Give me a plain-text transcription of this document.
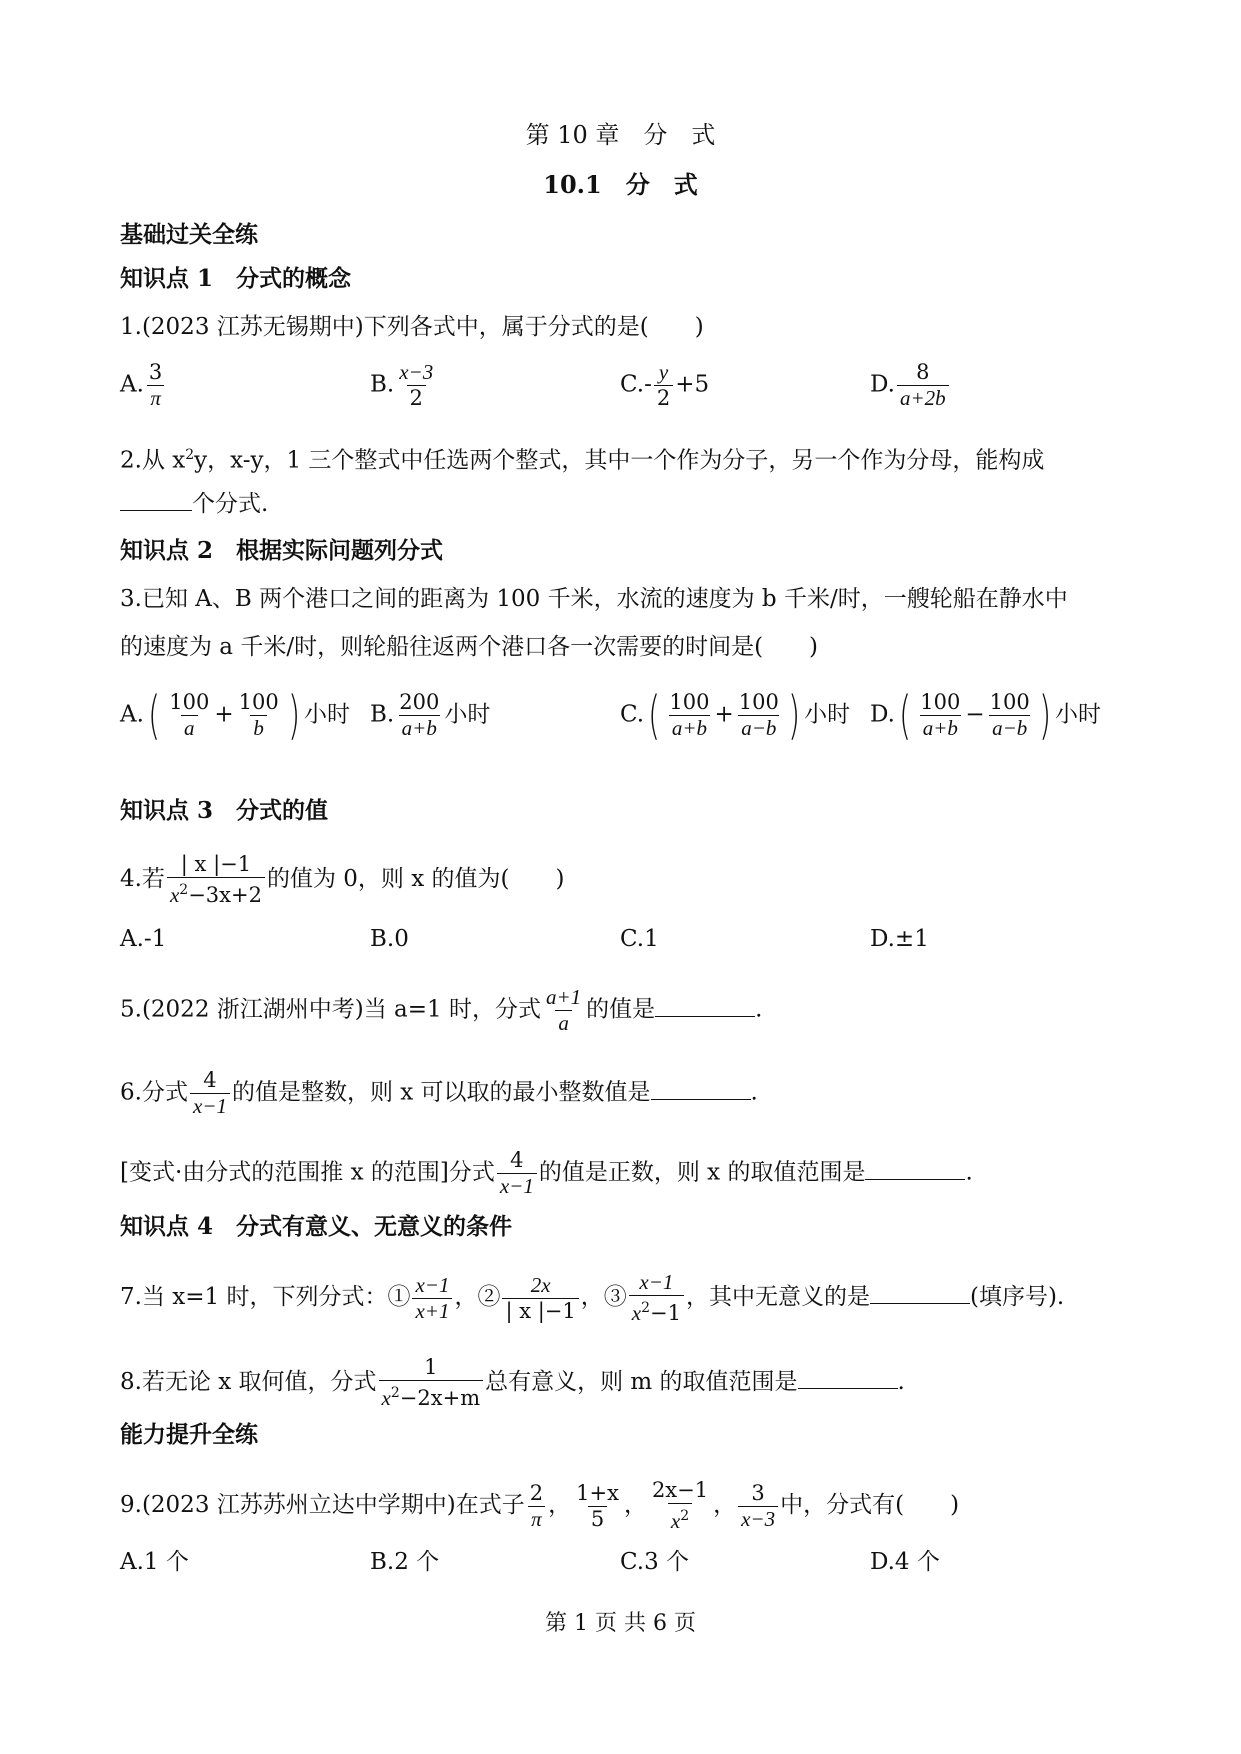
第 10 章　分　式
10.1　分　式
基础过关全练
知识点 1　分式的概念
1.(2023 江苏无锡期中)下列各式中，属于分式的是(　　)
A. $\frac{3}{\pi}$	B. $\frac{x-3}{2}$	$C.- \frac{y}{2} +5$	D. $\frac{8}{a+2b}$
2.从 $x^2y$，x-y，1 三个整式中任选两个整式，其中一个作为分子，另一个作为分母，能构成
个分式.
知识点 2　根据实际问题列分式
3.已知 A、B 两个港口之间的距离为 100 千米，水流的速度为 b 千米/时，一艘轮船在静水中
的速度为 a 千米/时，则轮船往返两个港口各一次需要的时间是(　　)
$A.( \frac{100}{a} + \frac{100}{b}$ ) 小时 B. $\frac{200}{a+b}$ 小时	$C.( \frac{100}{a+b} + \frac{100}{a-b}$ ) 小时 $D.( \frac{100}{a+b} - \frac{100}{a-b}$ ) 小时
知识点 3　分式的值
4.若 $\frac{| x |-1}{x^2-3x+2}$ 的值为 0，则 x 的值为(　　)
A.-1	B.0	C.1	D.±1
5.(2022 浙江湖州中考)当 a=1 时，分式 $\frac{a+1}{a}$ 的值是	.
6.分式 $\frac{4}{x-1}$ 的值是整数，则 x 可以取的最小整数值是	.
[变式·由分式的范围推 x 的范围]分式 $\frac{4}{x-1}$ 的值是正数，则 x 的取值范围是	.
知识点 4　分式有意义、无意义的条件
7.当 x=1 时，下列分式：① $\frac{x-1}{x+1}$ ，② $\frac{2x}{| x |-1}$ ，③ $\frac{x-1}{x^2-1}$ ，其中无意义的是	(填序号).
8.若无论 x 取何值，分式 $\frac{1}{x^2-2x+m}$ 总有意义，则 m 的取值范围是	.
能力提升全练
9.(2023 江苏苏州立达中学期中)在式子 $\frac{2}{\pi}$ ， $\frac{1+x}{5}$ ， $\frac{2x-1}{x^2}$ ， $\frac{3}{x-3}$ 中，分式有(　　)
A.1 个	B.2 个	C.3 个	D.4 个
第 1 页 共 6 页
